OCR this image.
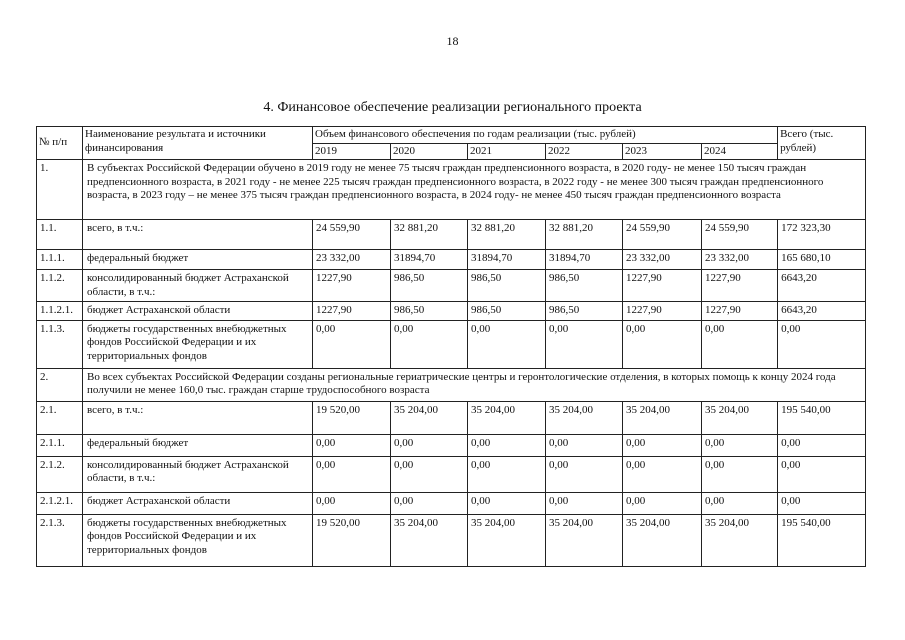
18
4. Финансовое обеспечение реализации регионального проекта
№ п/п	Наименование результата и источники финансирования	Объем финансового обеспечения по годам реализации (тыс. рублей)						Всего (тыс. рублей)
		2019	2020	2021	2022	2023	2024	
1.	В субъектах Российской Федерации обучено в 2019 году не менее 75 тысяч граждан предпенсионного возраста, в 2020 году- не менее 150 тысяч граждан предпенсионного возраста, в 2021 году - не менее 225 тысяч граждан предпенсионного возраста, в 2022 году - не менее 300 тысяч граждан предпенсионного возраста, в 2023 году – не менее 375 тысяч граждан предпенсионного возраста, в 2024 году- не менее 450 тысяч граждан предпенсионного возраста							
1.1.	всего, в т.ч.:	24 559,90	32 881,20	32 881,20	32 881,20	24 559,90	24 559,90	172 323,30
1.1.1.	федеральный бюджет	23 332,00	31894,70	31894,70	31894,70	23 332,00	23 332,00	165 680,10
1.1.2.	консолидированный бюджет Астраханской области, в т.ч.:	1227,90	986,50	986,50	986,50	1227,90	1227,90	6643,20
1.1.2.1.	бюджет Астраханской области	1227,90	986,50	986,50	986,50	1227,90	1227,90	6643,20
1.1.3.	бюджеты государственных внебюджетных фондов Российской Федерации и их территориальных фондов	0,00	0,00	0,00	0,00	0,00	0,00	0,00
2.	Во всех субъектах Российской Федерации созданы региональные гериатрические центры и геронтологические отделения, в которых помощь к концу 2024 года получили не менее 160,0 тыс. граждан старше трудоспособного возраста							
2.1.	всего, в т.ч.:	19 520,00	35 204,00	35 204,00	35 204,00	35 204,00	35 204,00	195 540,00
2.1.1.	федеральный бюджет	0,00	0,00	0,00	0,00	0,00	0,00	0,00
2.1.2.	консолидированный бюджет Астраханской области, в т.ч.:	0,00	0,00	0,00	0,00	0,00	0,00	0,00
2.1.2.1.	бюджет Астраханской области	0,00	0,00	0,00	0,00	0,00	0,00	0,00
2.1.3.	бюджеты государственных внебюджетных фондов Российской Федерации и их территориальных фондов	19 520,00	35 204,00	35 204,00	35 204,00	35 204,00	35 204,00	195 540,00
